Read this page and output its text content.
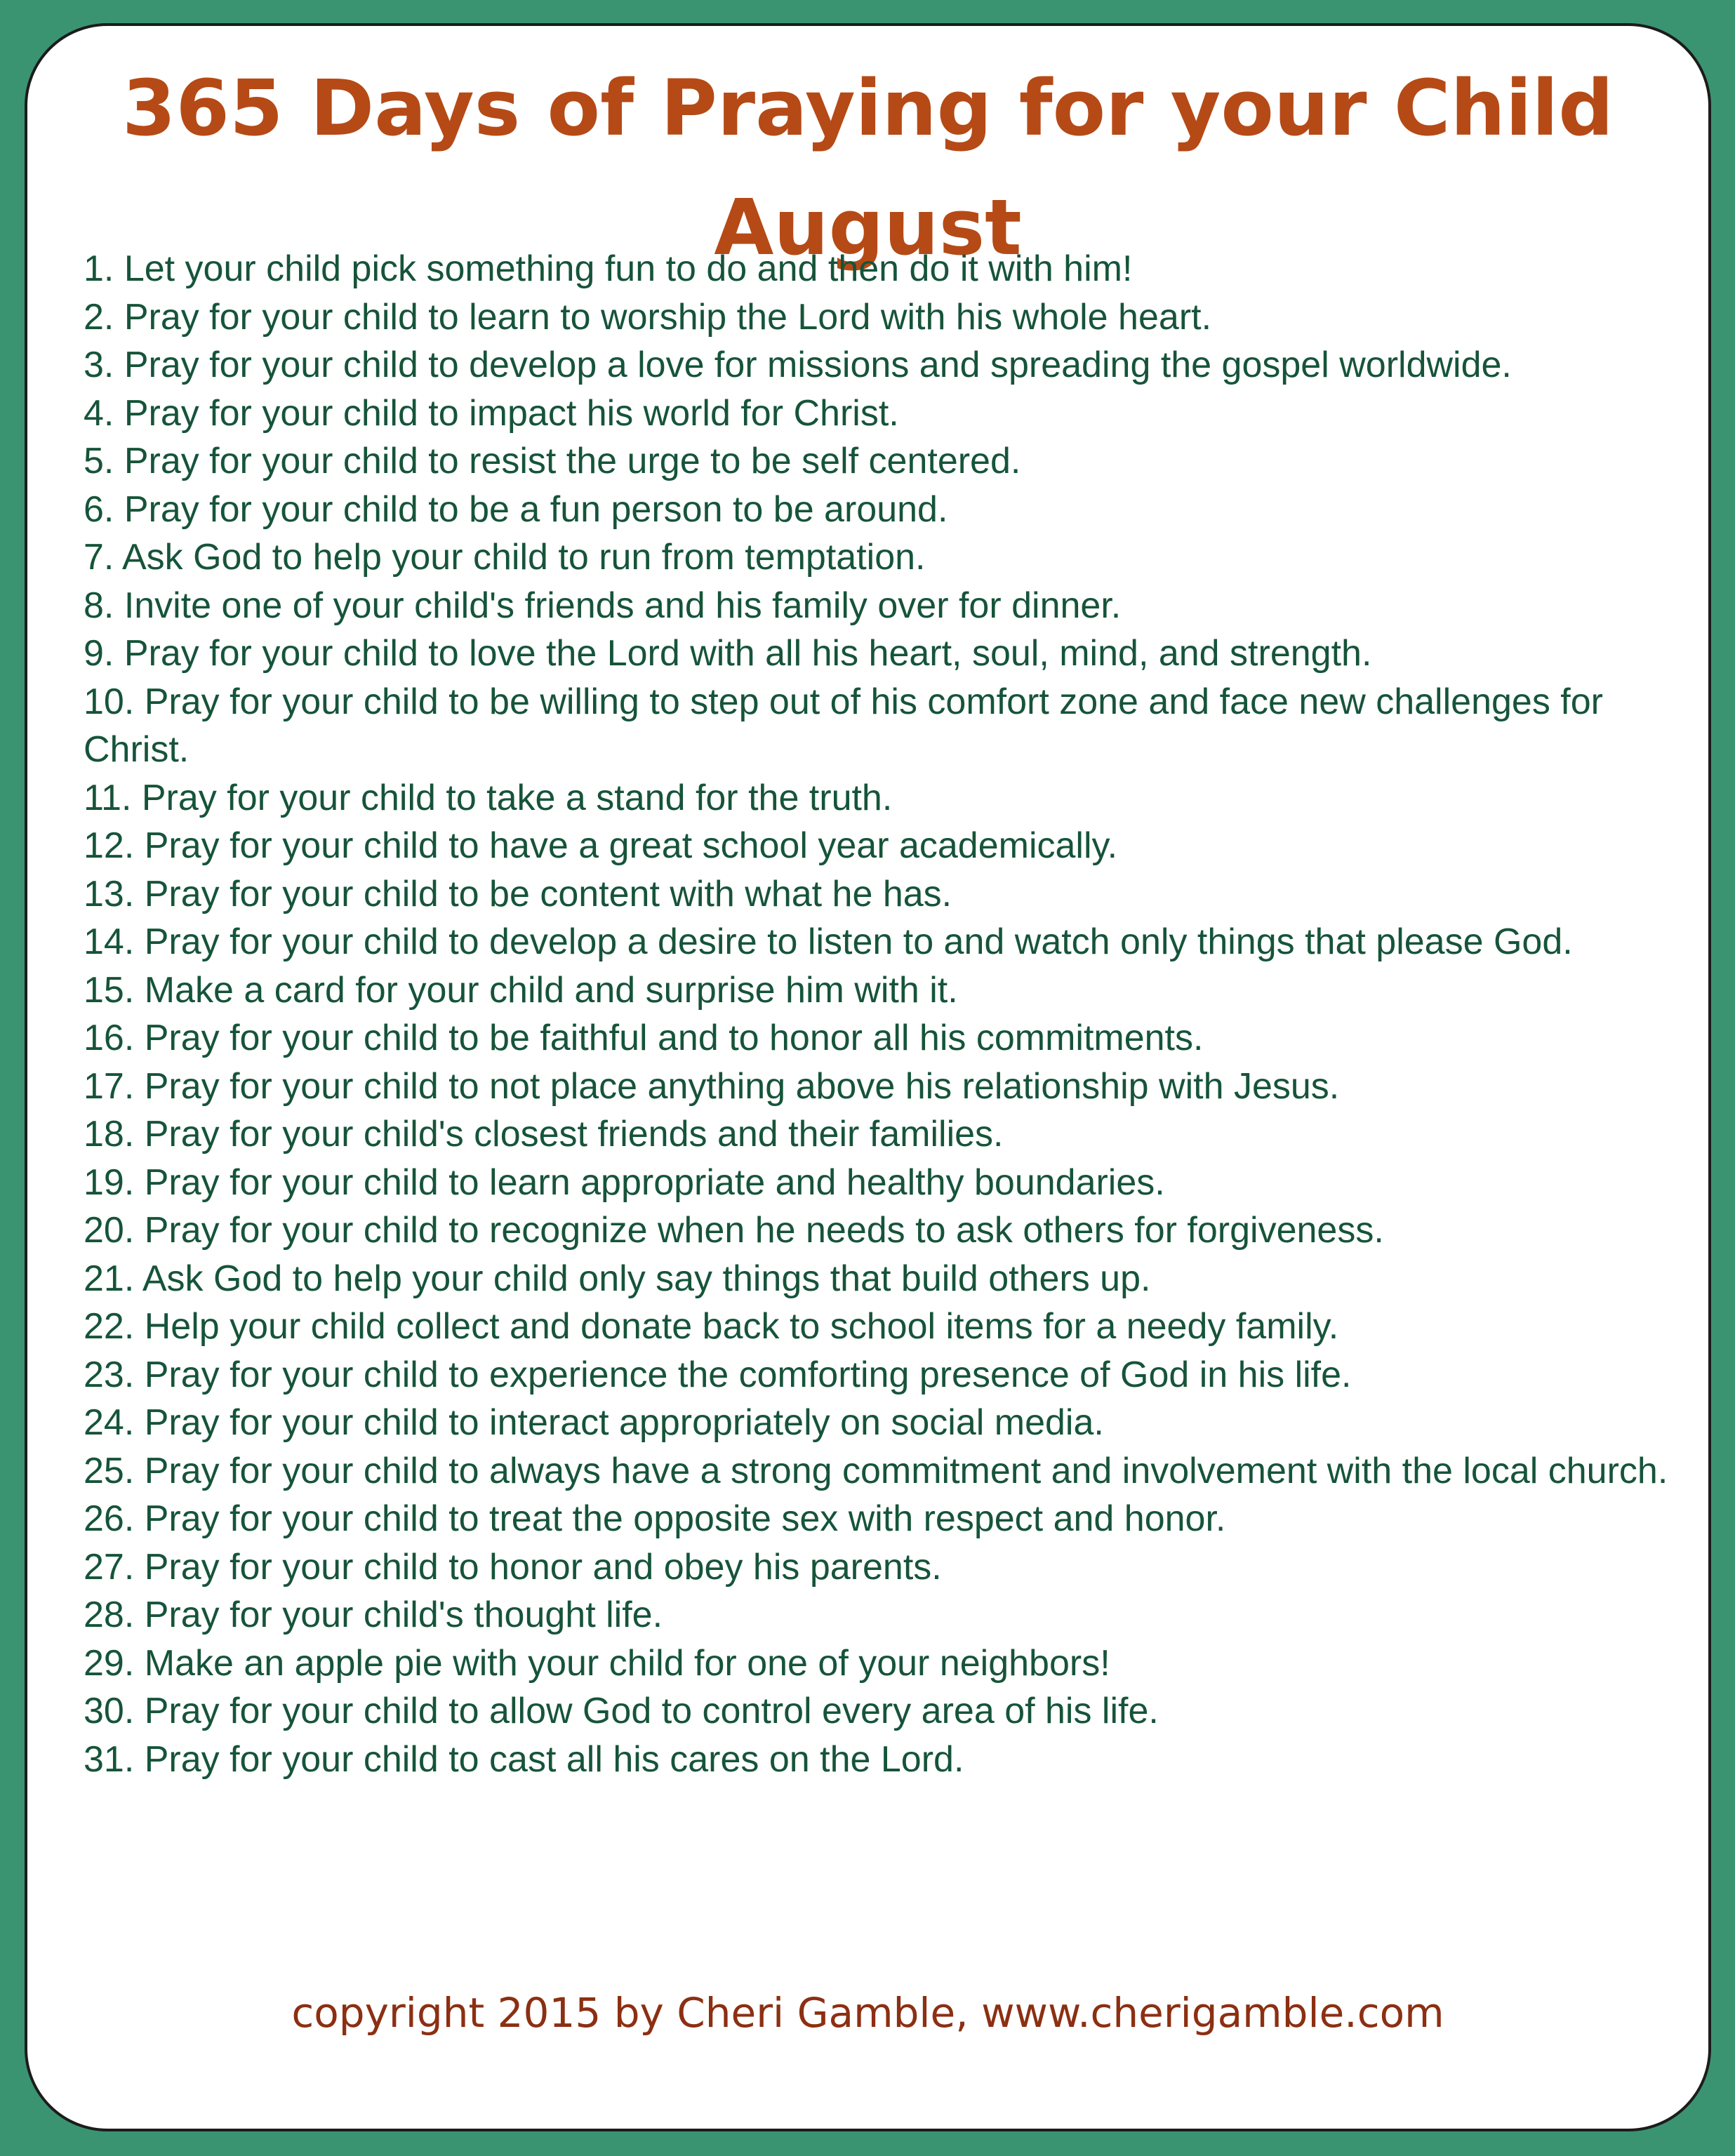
365 Days of Praying for your Child
August
1. Let your child pick something fun to do and then do it with him!
2. Pray for your child to learn to worship the Lord with his whole heart.
3. Pray for your child to develop a love for missions and spreading the gospel worldwide.
4. Pray for your child to impact his world for Christ.
5. Pray for your child to resist the urge to be self centered.
6. Pray for your child to be a fun person to be around.
7. Ask God to help your child to run from temptation.
8. Invite one of your child's friends and his family over for dinner.
9. Pray for your child to love the Lord with all his heart, soul, mind, and strength.
10. Pray for your child to be willing to step out of his comfort zone and face new challenges for Christ.
11. Pray for your child to take a stand for the truth.
12. Pray for your child to have a great school year academically.
13. Pray for your child to be content with what he has.
14. Pray for your child to develop a desire to listen to and watch only things that please God.
15. Make a card for your child and surprise him with it.
16. Pray for your child to be faithful and to honor all his commitments.
17. Pray for your child to not place anything above his relationship with Jesus.
18. Pray for your child's closest friends and their families.
19. Pray for your child to learn appropriate and healthy boundaries.
20. Pray for your child to recognize when he needs to ask others for forgiveness.
21. Ask God to help your child only say things that build others up.
22. Help your child collect and donate back to school items for a needy family.
23. Pray for your child to experience the comforting presence of God in his life.
24. Pray for your child to interact appropriately on social media.
25. Pray for your child to always have a strong commitment and involvement with the local church.
26. Pray for your child to treat the opposite sex with respect and honor.
27. Pray for your child to honor and obey his parents.
28. Pray for your child's thought life.
29. Make an apple pie with your child for one of your neighbors!
30. Pray for your child to allow God to control every area of his life.
31. Pray for your child to cast all his cares on the Lord.
copyright 2015 by Cheri Gamble, www.cherigamble.com
